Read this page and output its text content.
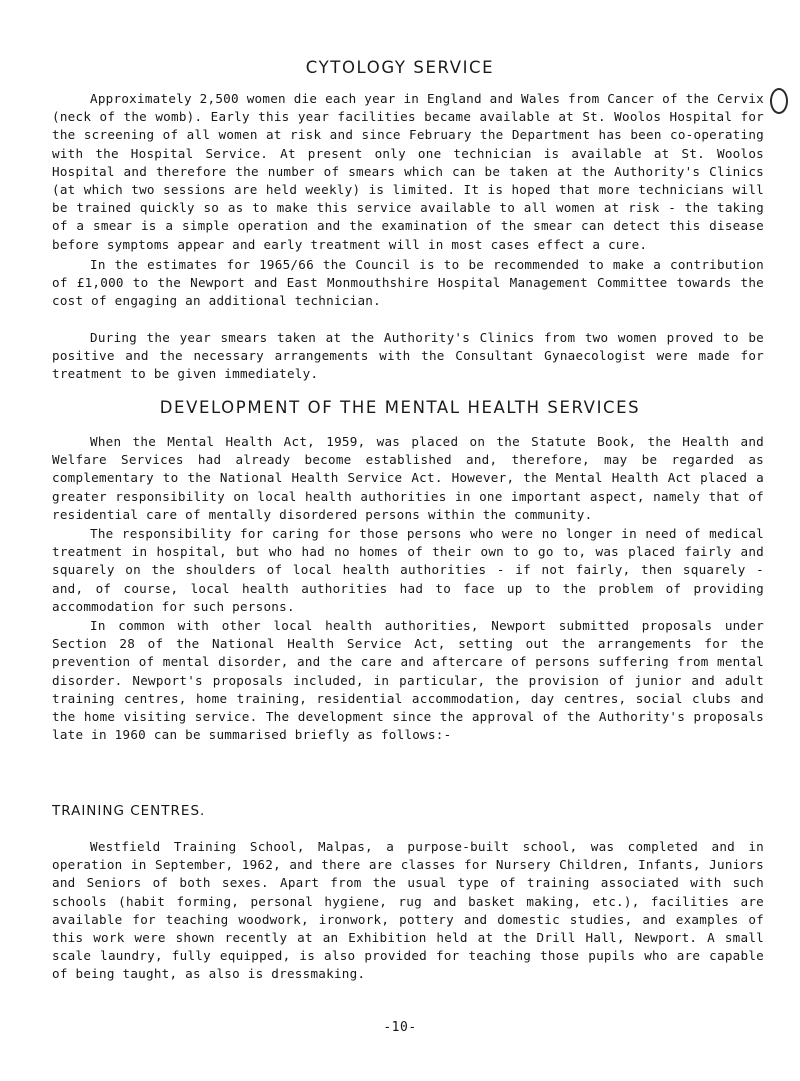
CYTOLOGY SERVICE

Approximately 2,500 women die each year in England and Wales from Cancer of the Cervix (neck of the womb). Early this year facilities became available at St. Woolos Hospital for the screening of all women at risk and since February the Department has been co-operating with the Hospital Service. At present only one technician is available at St. Woolos Hospital and therefore the number of smears which can be taken at the Authority's Clinics (at which two sessions are held weekly) is limited. It is hoped that more technicians will be trained quickly so as to make this service available to all women at risk - the taking of a smear is a simple operation and the examination of the smear can detect this disease before symptoms appear and early treatment will in most cases effect a cure.

In the estimates for 1965/66 the Council is to be recommended to make a contribution of £1,000 to the Newport and East Monmouthshire Hospital Management Committee towards the cost of engaging an additional technician.

During the year smears taken at the Authority's Clinics from two women proved to be positive and the necessary arrangements with the Consultant Gynaecologist were made for treatment to be given immediately.

DEVELOPMENT OF THE MENTAL HEALTH SERVICES

When the Mental Health Act, 1959, was placed on the Statute Book, the Health and Welfare Services had already become established and, therefore, may be regarded as complementary to the National Health Service Act. However, the Mental Health Act placed a greater responsibility on local health authorities in one important aspect, namely that of residential care of mentally disordered persons within the community.

The responsibility for caring for those persons who were no longer in need of medical treatment in hospital, but who had no homes of their own to go to, was placed fairly and squarely on the shoulders of local health authorities - if not fairly, then squarely - and, of course, local health authorities had to face up to the problem of providing accommodation for such persons.

In common with other local health authorities, Newport submitted proposals under Section 28 of the National Health Service Act, setting out the arrangements for the prevention of mental disorder, and the care and aftercare of persons suffering from mental disorder. Newport's proposals included, in particular, the provision of junior and adult training centres, home training, residential accommodation, day centres, social clubs and the home visiting service. The development since the approval of the Authority's proposals late in 1960 can be summarised briefly as follows:-

TRAINING CENTRES.

Westfield Training School, Malpas, a purpose-built school, was completed and in operation in September, 1962, and there are classes for Nursery Children, Infants, Juniors and Seniors of both sexes. Apart from the usual type of training associated with such schools (habit forming, personal hygiene, rug and basket making, etc.), facilities are available for teaching woodwork, ironwork, pottery and domestic studies, and examples of this work were shown recently at an Exhibition held at the Drill Hall, Newport. A small scale laundry, fully equipped, is also provided for teaching those pupils who are capable of being taught, as also is dressmaking.

-10-
